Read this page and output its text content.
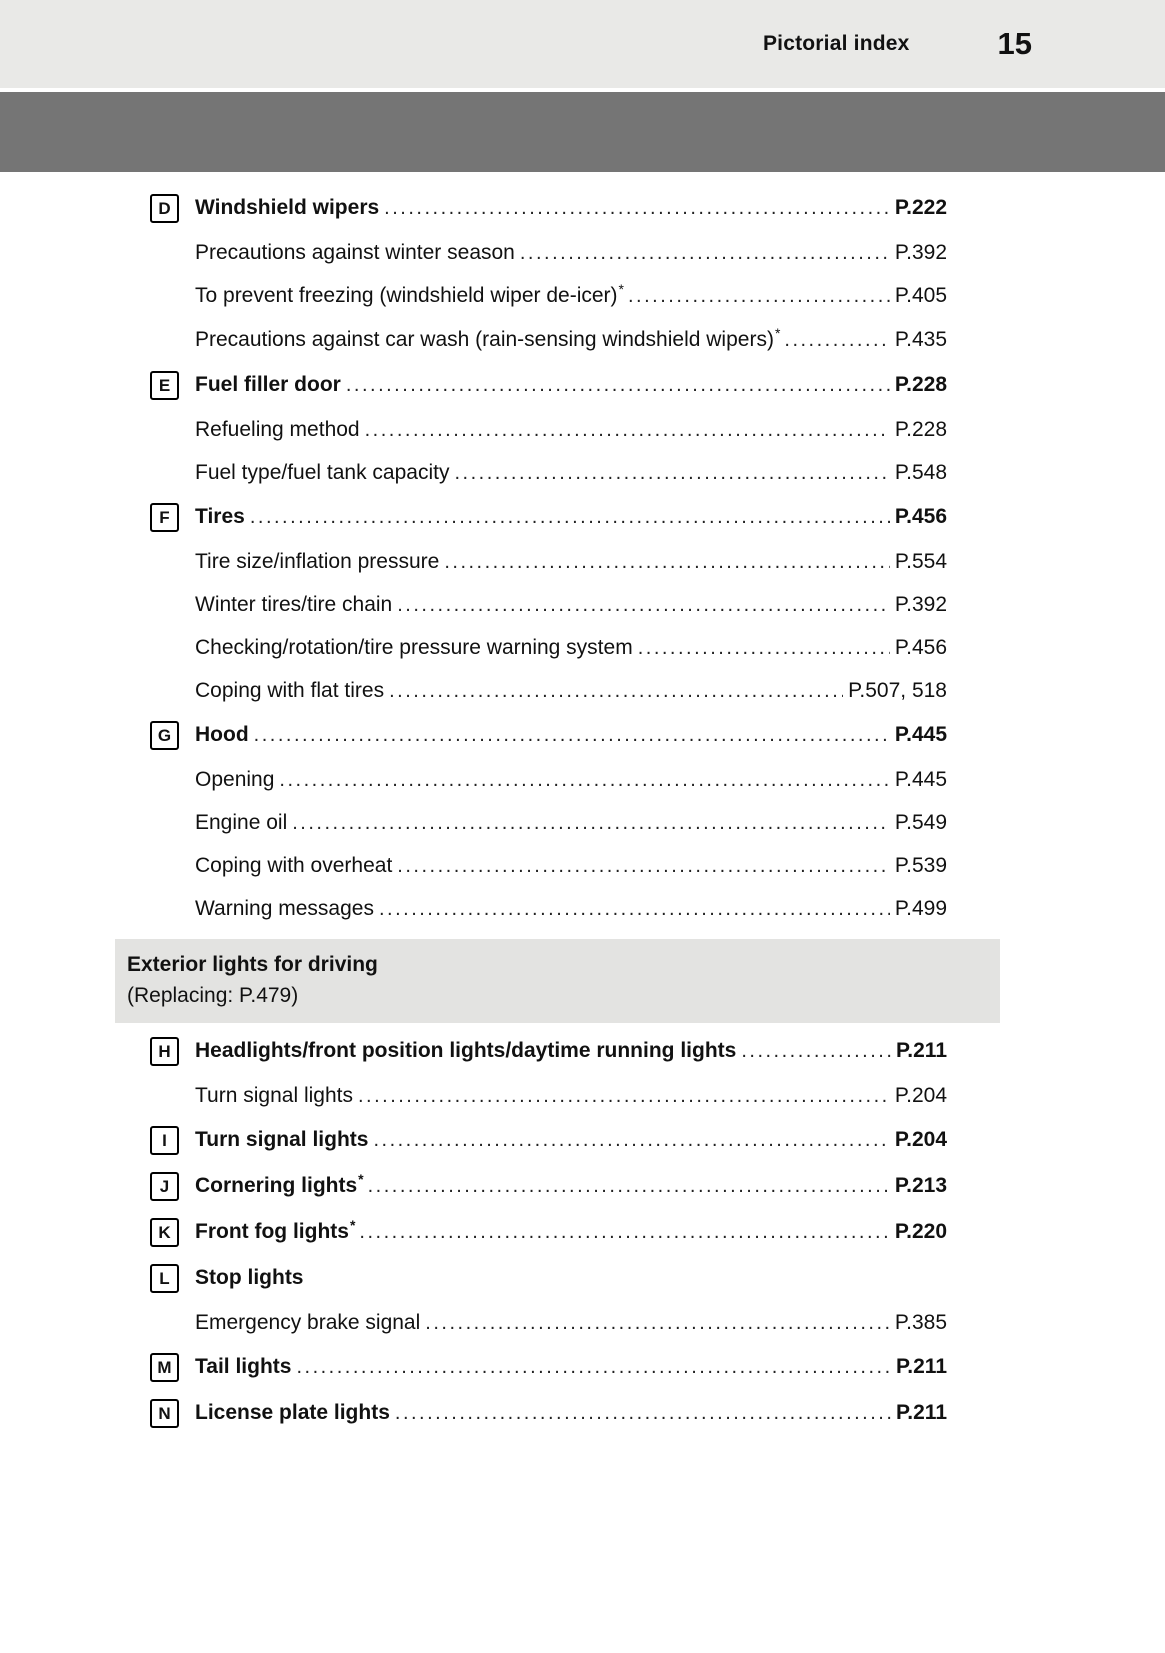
Pictorial index	15
D Windshield wipers .....	P.222
Precautions against winter season .....	P.392
To prevent freezing (windshield wiper de-icer) * .....	P.405
Precautions against car wash (rain-sensing windshield wipers) * .....	P.435
E Fuel filler door .....	P.228
Refueling method .....	P.228
Fuel type/fuel tank capacity .....	P.548
F Tires .....	P.456
Tire size/inflation pressure .....	P.554
Winter tires/tire chain .....	P.392
Checking/rotation/tire pressure warning system .....	P.456
Coping with flat tires .....	P.507, 518
G Hood .....	P.445
Opening .....	P.445
Engine oil .....	P.549
Coping with overheat .....	P.539
Warning messages .....	P.499
Exterior lights for driving
(Replacing: P.479)
H Headlights/front position lights/daytime running lights .....	P.211
Turn signal lights .....	P.204
I Turn signal lights .....	P.204
J Cornering lights * .....	P.213
K Front fog lights * .....	P.220
L Stop lights
Emergency brake signal .....	P.385
M Tail lights .....	P.211
N License plate lights .....	P.211
